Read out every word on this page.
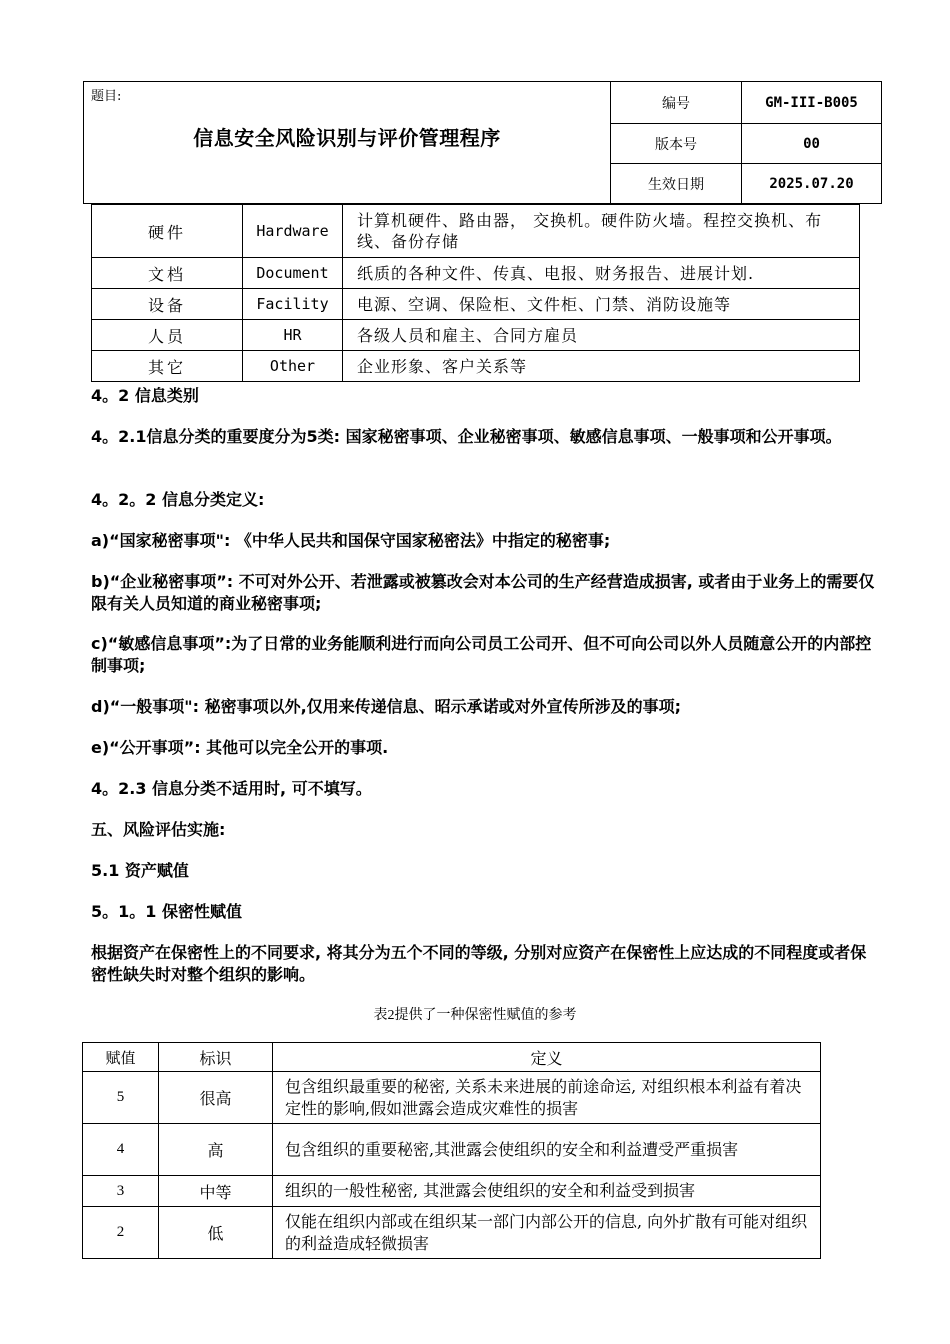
题目:
信息安全风险识别与评价管理程序	编号	GM-III-B005
	版本号	00
	生效日期	2025.07.20
硬件	Hardware	计算机硬件、路由器， 交换机。硬件防火墙。程控交换机、布线、备份存储
文档	Document	纸质的各种文件、传真、电报、财务报告、进展计划.
设备	Facility	电源、空调、保险柜、文件柜、门禁、消防设施等
人员	HR	各级人员和雇主、合同方雇员
其它	Other	企业形象、客户关系等
4。2 信息类别
4。2.1信息分类的重要度分为5类: 国家秘密事项、企业秘密事项、敏感信息事项、一般事项和公开事项。
4。2。2 信息分类定义:
a)“国家秘密事项": 《中华人民共和国保守国家秘密法》中指定的秘密事;
b)“企业秘密事项”: 不可对外公开、若泄露或被篡改会对本公司的生产经营造成损害, 或者由于业务上的需要仅限有关人员知道的商业秘密事项;
c)“敏感信息事项”:为了日常的业务能顺利进行而向公司员工公司开、但不可向公司以外人员随意公开的内部控制事项;
d)“一般事项": 秘密事项以外,仅用来传递信息、昭示承诺或对外宣传所涉及的事项;
e)“公开事项”: 其他可以完全公开的事项.
4。2.3 信息分类不适用时, 可不填写。
五、风险评估实施:
5.1 资产赋值
5。1。1 保密性赋值
根据资产在保密性上的不同要求, 将其分为五个不同的等级, 分别对应资产在保密性上应达成的不同程度或者保密性缺失时对整个组织的影响。
表2提供了一种保密性赋值的参考
赋值	标识	定义
5	很高	包含组织最重要的秘密, 关系未来进展的前途命运, 对组织根本利益有着决定性的影响,假如泄露会造成灾难性的损害
4	高	包含组织的重要秘密,其泄露会使组织的安全和利益遭受严重损害
3	中等	组织的一般性秘密, 其泄露会使组织的安全和利益受到损害
2	低	仅能在组织内部或在组织某一部门内部公开的信息, 向外扩散有可能对组织的利益造成轻微损害
